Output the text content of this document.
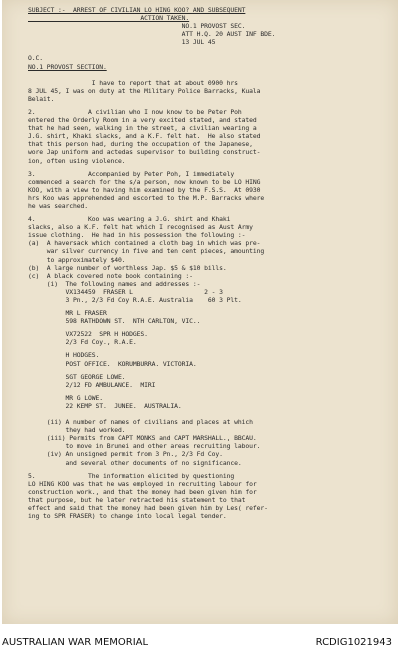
SUBJECT :-  ARREST OF CIVILIAN LO HING KOO? AND SUBSEQUENT
ACTION TAKEN.
NO.1 PROVOST SEC.
ATT H.Q. 20 AUST INF BDE.
13 JUL 45
O.C.
NO.1 PROVOST SECTION.
I have to report that at about 0900 hrs
8 JUL 45, I was on duty at the Military Police Barracks, Kuala
Belait.
2.              A civilian who I now know to be Peter Poh
entered the Orderly Room in a very excited stated, and stated
that he had seen, walking in the street, a civilian wearing a
J.G. shirt, Khaki slacks, and a K.F. felt hat.  He also stated
that this person had, during the occupation of the Japanese,
wore Jap uniform and actedas supervisor to building construct-
ion, often using violence.
3.              Accompanied by Peter Poh, I immediately
commenced a search for the s/a person, now known to be LO HING
KOO, with a view to having him examined by the F.S.S.  At 0930
hrs Koo was apprehended and escorted to the M.P. Barracks where
he was searched.
4.              Koo was wearing a J.G. shirt and Khaki
slacks, also a K.F. felt hat which I recognised as Aust Army
issue clothing.  He had in his possession the following :-
(a)  A haversack which contained a cloth bag in which was pre-
war silver currency in five and ten cent pieces, amounting
to approximately $40.
(b)  A large number of worthless Jap. $5 & $10 bills.
(c)  A black covered note book containing :-
(i)  The following names and addresses :-
VX134459  FRASER L                   2 - 3
3 Pn., 2/3 Fd Coy R.A.E. Australia    60 3 Plt.
MR L FRASER
598 RATHDOWN ST.  NTH CARLTON, VIC..
VX72522  SPR H HODGES.
2/3 Fd Coy., R.A.E.
H HODGES.
POST OFFICE.  KORUMBURRA. VICTORIA.
SGT GEORGE LOWE.
2/12 FD AMBULANCE.  MIRI
MR G LOWE.
22 KEMP ST.  JUNEE.  AUSTRALIA.
(ii) A number of names of civilians and places at which
they had worked.
(iii) Permits from CAPT MONKS and CAPT MARSHALL., BBCAU.
to move in Brunei and other areas recruiting labour.
(iv) An unsigned permit from 3 Pn., 2/3 Fd Coy.
and several other documents of no significance.
5.              The information elicited by questioning
LO HING KOO was that he was employed in recruiting labour for
construction work., and that the money had been given him for
that purpose, but he later retracted his statement to that
effect and said that the money had been given him by Les( refer-
ing to SPR FRASER) to change into local legal tender.
AUSTRALIAN WAR MEMORIAL	RCDIG1021943
